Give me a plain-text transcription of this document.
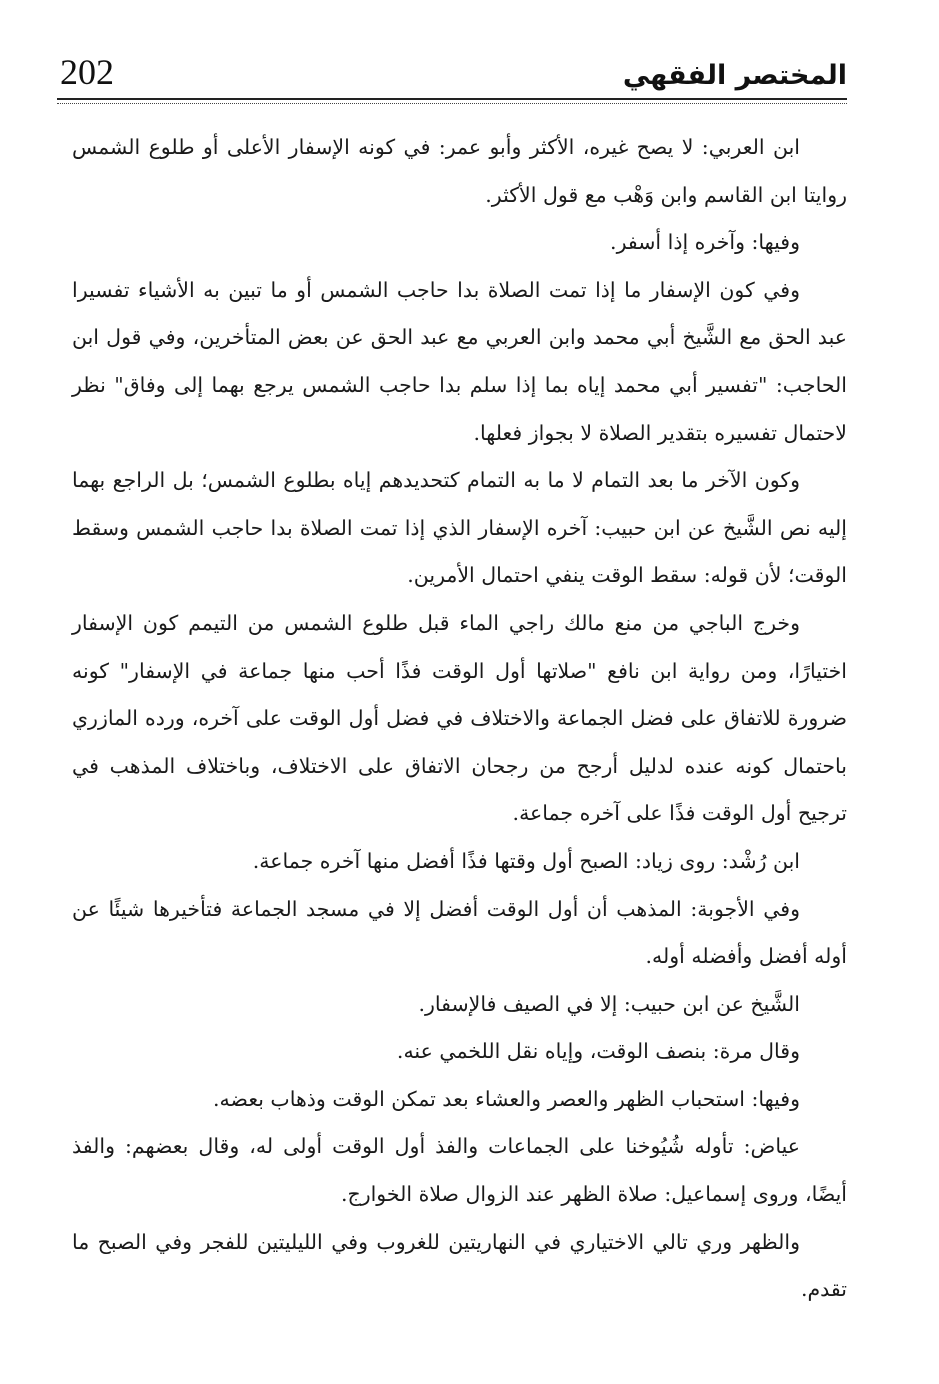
202	المختصر الفقهي

ابن العربي: لا يصح غيره، الأكثر وأبو عمر: في كونه الإسفار الأعلى أو طلوع الشمس روايتا ابن القاسم وابن وَهْب مع قول الأكثر.

وفيها: وآخره إذا أسفر.

وفي كون الإسفار ما إذا تمت الصلاة بدا حاجب الشمس أو ما تبين به الأشياء تفسيرا عبد الحق مع الشَّيخ أبي محمد وابن العربي مع عبد الحق عن بعض المتأخرين، وفي قول ابن الحاجب: "تفسير أبي محمد إياه بما إذا سلم بدا حاجب الشمس يرجع بهما إلى وفاق" نظر لاحتمال تفسيره بتقدير الصلاة لا بجواز فعلها.

وكون الآخر ما بعد التمام لا ما به التمام كتحديدهم إياه بطلوع الشمس؛ بل الراجع بهما إليه نص الشَّيخ عن ابن حبيب: آخره الإسفار الذي إذا تمت الصلاة بدا حاجب الشمس وسقط الوقت؛ لأن قوله: سقط الوقت ينفي احتمال الأمرين.

وخرج الباجي من منع مالك راجي الماء قبل طلوع الشمس من التيمم كون الإسفار اختيارًا، ومن رواية ابن نافع "صلاتها أول الوقت فذًا أحب منها جماعة في الإسفار" كونه ضرورة للاتفاق على فضل الجماعة والاختلاف في فضل أول الوقت على آخره، ورده المازري باحتمال كونه عنده لدليل أرجح من رجحان الاتفاق على الاختلاف، وباختلاف المذهب في ترجيح أول الوقت فذًا على آخره جماعة.

ابن رُشْد: روى زياد: الصبح أول وقتها فذًا أفضل منها آخره جماعة.

وفي الأجوبة: المذهب أن أول الوقت أفضل إلا في مسجد الجماعة فتأخيرها شيئًا عن أوله أفضل وأفضله أوله.

الشَّيخ عن ابن حبيب: إلا في الصيف فالإسفار.

وقال مرة: بنصف الوقت، وإياه نقل اللخمي عنه.

وفيها: استحباب الظهر والعصر والعشاء بعد تمكن الوقت وذهاب بعضه.

عياض: تأوله شُيُوخنا على الجماعات والفذ أول الوقت أولى له، وقال بعضهم: والفذ أيضًا، وروى إسماعيل: صلاة الظهر عند الزوال صلاة الخوارج.

والظهر وري تالي الاختياري في النهاريتين للغروب وفي الليليتين للفجر وفي الصبح ما تقدم.
